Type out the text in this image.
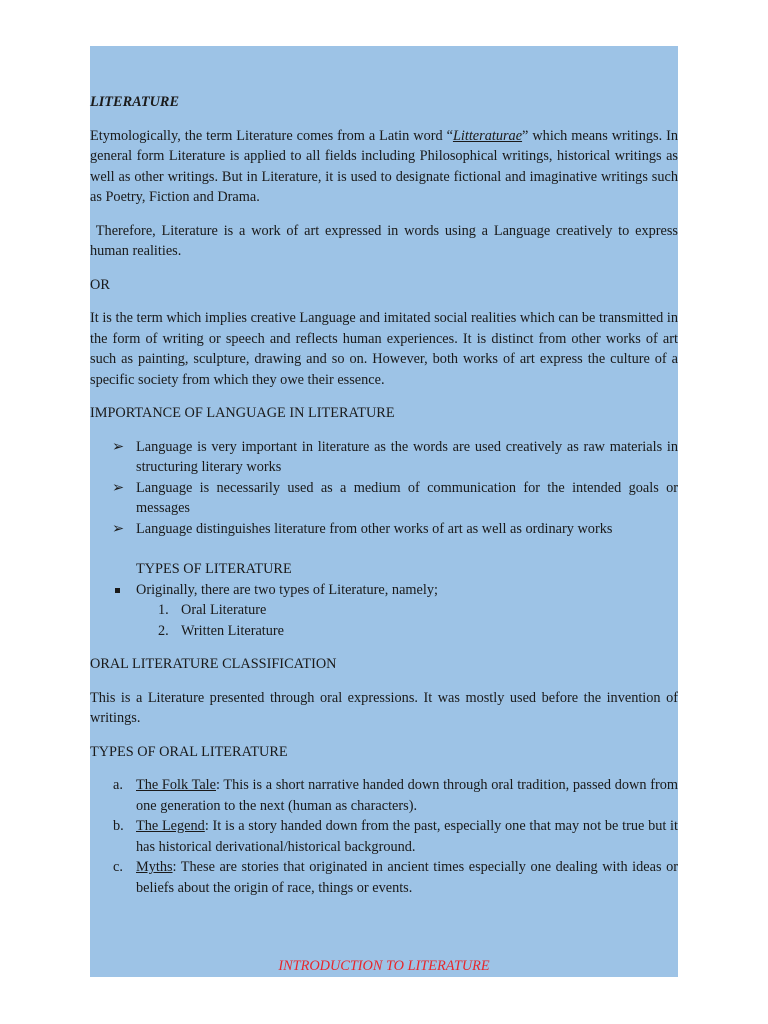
LITERATURE

Etymologically, the term Literature comes from a Latin word “Litteraturae” which means writings. In general form Literature is applied to all fields including Philosophical writings, historical writings as well as other writings. But in Literature, it is used to designate fictional and imaginative writings such as Poetry, Fiction and Drama.

Therefore, Literature is a work of art expressed in words using a Language creatively to express human realities.

OR

It is the term which implies creative Language and imitated social realities which can be transmitted in the form of writing or speech and reflects human experiences. It is distinct from other works of art such as painting, sculpture, drawing and so on. However, both works of art express the culture of a specific society from which they owe their essence.

IMPORTANCE OF LANGUAGE IN LITERATURE
➢ Language is very important in literature as the words are used creatively as raw materials in structuring literary works
➢ Language is necessarily used as a medium of communication for the intended goals or messages
➢ Language distinguishes literature from other works of art as well as ordinary works
TYPES OF LITERATURE
Originally, there are two types of Literature, namely;
1. Oral Literature
2. Written Literature
ORAL LITERATURE CLASSIFICATION

This is a Literature presented through oral expressions. It was mostly used before the invention of writings.

TYPES OF ORAL LITERATURE
a. The Folk Tale: This is a short narrative handed down through oral tradition, passed down from one generation to the next (human as characters).
b. The Legend: It is a story handed down from the past, especially one that may not be true but it has historical derivational/historical background.
c. Myths: These are stories that originated in ancient times especially one dealing with ideas or beliefs about the origin of race, things or events.
INTRODUCTION TO LITERATURE
